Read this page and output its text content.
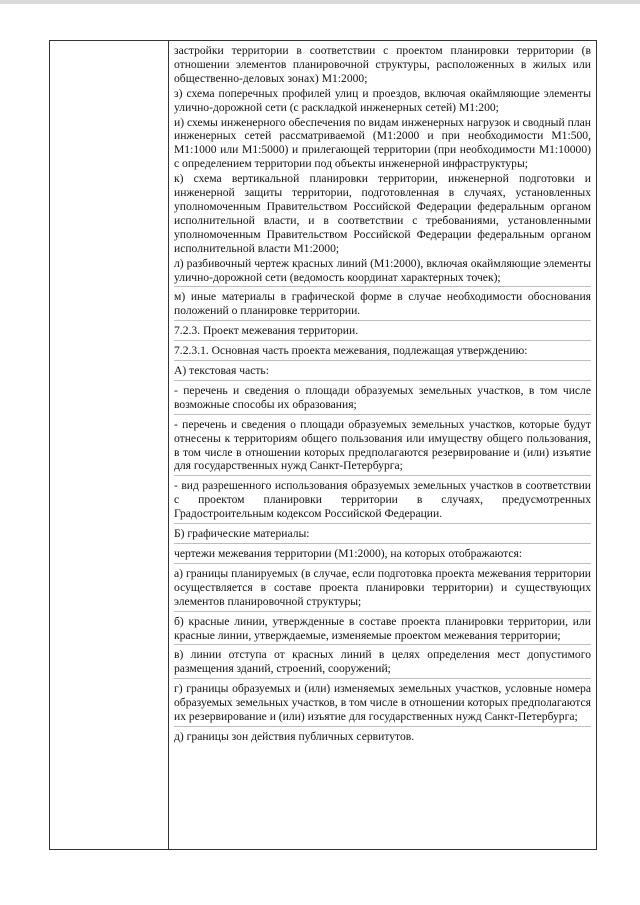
застройки территории в соответствии с проектом планировки территории (в отношении элементов планировочной структуры, расположенных в жилых или общественно-деловых зонах) М1:2000;

з) схема поперечных профилей улиц и проездов, включая окаймляющие элементы улично-дорожной сети (с раскладкой инженерных сетей) М1:200;

и) схемы инженерного обеспечения по видам инженерных нагрузок и сводный план инженерных сетей рассматриваемой (М1:2000 и при необходимости М1:500, М1:1000 или М1:5000) и прилегающей территории (при необходимости М1:10000) с определением территории под объекты инженерной инфраструктуры;

к) схема вертикальной планировки территории, инженерной подготовки и инженерной защиты территории, подготовленная в случаях, установленных уполномоченным Правительством Российской Федерации федеральным органом исполнительной власти, и в соответствии с требованиями, установленными уполномоченным Правительством Российской Федерации федеральным органом исполнительной власти М1:2000;

л) разбивочный чертеж красных линий (М1:2000), включая окаймляющие элементы улично-дорожной сети (ведомость координат характерных точек);

м) иные материалы в графической форме в случае необходимости обоснования положений о планировке территории.

7.2.3. Проект межевания территории.

7.2.3.1. Основная часть проекта межевания, подлежащая утверждению:

А) текстовая часть:

- перечень и сведения о площади образуемых земельных участков, в том числе возможные способы их образования;

- перечень и сведения о площади образуемых земельных участков, которые будут отнесены к территориям общего пользования или имуществу общего пользования, в том числе в отношении которых предполагаются резервирование и (или) изъятие для государственных нужд Санкт-Петербурга;

- вид разрешенного использования образуемых земельных участков в соответствии с проектом планировки территории в случаях, предусмотренных Градостроительным кодексом Российской Федерации.

Б) графические материалы:

чертежи межевания территории (М1:2000), на которых отображаются:

а) границы планируемых (в случае, если подготовка проекта межевания территории осуществляется в составе проекта планировки территории) и существующих элементов планировочной структуры;

б) красные линии, утвержденные в составе проекта планировки территории, или красные линии, утверждаемые, изменяемые проектом межевания территории;

в) линии отступа от красных линий в целях определения мест допустимого размещения зданий, строений, сооружений;

г) границы образуемых и (или) изменяемых земельных участков, условные номера образуемых земельных участков, в том числе в отношении которых предполагаются их резервирование и (или) изъятие для государственных нужд Санкт-Петербурга;

д) границы зон действия публичных сервитутов.
